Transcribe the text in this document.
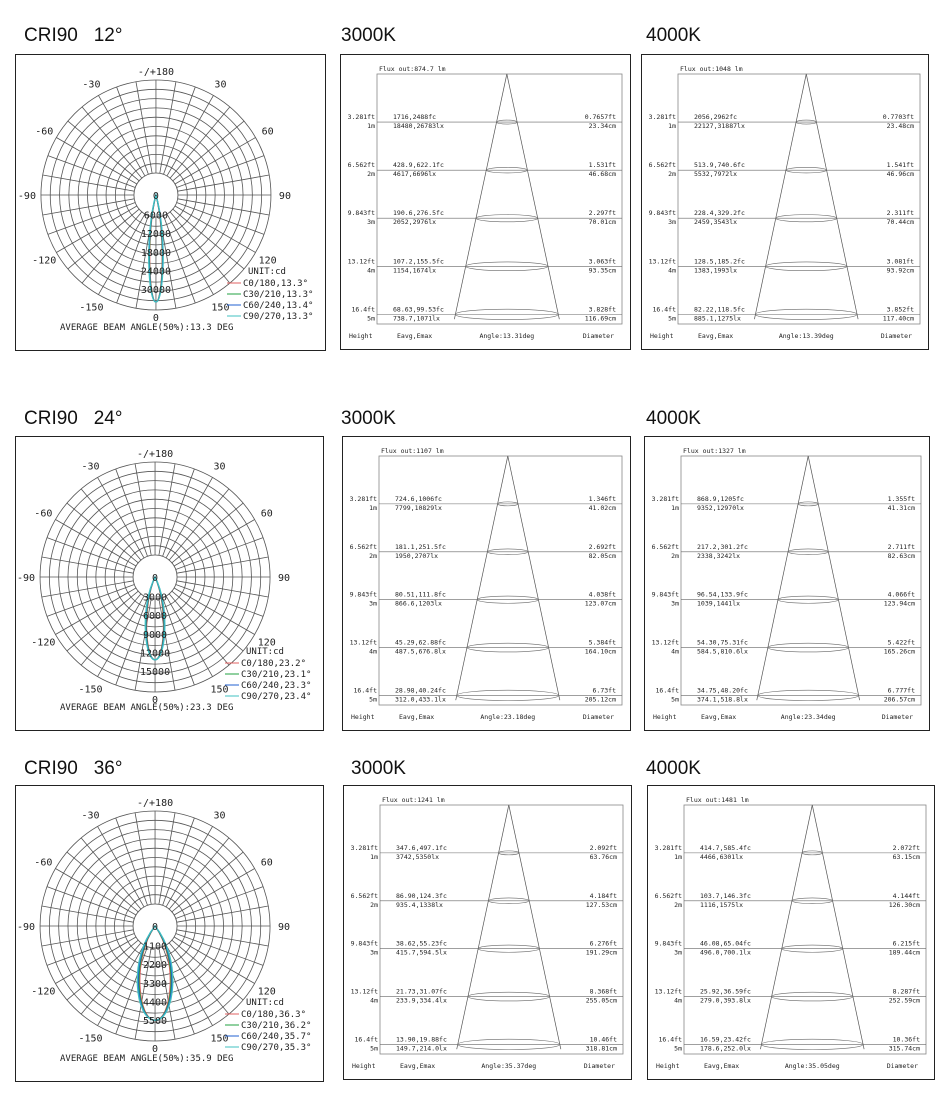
CRI90   12°	3000K	4000K
-/+180
-150	150
-120	120
-90	90
-60	60
-30	30
0
0
6000
12000
18000
24000
30000
UNIT:cd
C0/180,13.3°
C30/210,13.3°
C60/240,13.4°
C90/270,13.3°
AVERAGE BEAM ANGLE(50%):13.3 DEG
Flux out:874.7 lm
3.281ft
1m
1716,2488fc
18480,26783lx
0.7657ft
23.34cm
6.562ft
2m
428.9,622.1fc
4617,6696lx
1.531ft
46.68cm
9.843ft
3m
190.6,276.5fc
2052,2976lx
2.297ft
70.01cm
13.12ft
4m
107.2,155.5fc
1154,1674lx
3.063ft
93.35cm
16.4ft
5m
68.63,99.53fc
738.7,1071lx
3.828ft
116.69cm
Height	Eavg,Emax	Angle:13.31deg	Diameter
Flux out:1048 lm
3.281ft
1m
2056,2962fc
22127,31887lx
0.7703ft
23.48cm
6.562ft
2m
513.9,740.6fc
5532,7972lx
1.541ft
46.96cm
9.843ft
3m
228.4,329.2fc
2459,3543lx
2.311ft
70.44cm
13.12ft
4m
128.5,185.2fc
1383,1993lx
3.081ft
93.92cm
16.4ft
5m
82.22,118.5fc
885.1,1275lx
3.852ft
117.40cm
Height	Eavg,Emax	Angle:13.39deg	Diameter
CRI90   24°	3000K	4000K
-/+180
-150	150
-120	120
-90	90
-60	60
-30	30
0
0
3000
6000
9000
12000
15000
UNIT:cd
C0/180,23.2°
C30/210,23.1°
C60/240,23.3°
C90/270,23.4°
AVERAGE BEAM ANGLE(50%):23.3 DEG
Flux out:1107 lm
3.281ft
1m
724.6,1006fc
7799,10829lx
1.346ft
41.02cm
6.562ft
2m
181.1,251.5fc
1950,2707lx
2.692ft
82.05cm
9.843ft
3m
80.51,111.8fc
866.6,1203lx
4.038ft
123.07cm
13.12ft
4m
45.29,62.88fc
487.5,676.8lx
5.384ft
164.10cm
16.4ft
5m
28.98,40.24fc
312.0,433.1lx
6.73ft
205.12cm
Height	Eavg,Emax	Angle:23.18deg	Diameter
Flux out:1327 lm
3.281ft
1m
868.9,1205fc
9352,12970lx
1.355ft
41.31cm
6.562ft
2m
217.2,301.2fc
2338,3242lx
2.711ft
82.63cm
9.843ft
3m
96.54,133.9fc
1039,1441lx
4.066ft
123.94cm
13.12ft
4m
54.30,75.31fc
584.5,810.6lx
5.422ft
165.26cm
16.4ft
5m
34.75,48.20fc
374.1,518.8lx
6.777ft
206.57cm
Height	Eavg,Emax	Angle:23.34deg	Diameter
CRI90   36°	3000K	4000K
-/+180
-150	150
-120	120
-90	90
-60	60
-30	30
0
0
1100
2200
3300
4400
5500
UNIT:cd
C0/180,36.3°
C30/210,36.2°
C60/240,35.7°
C90/270,35.3°
AVERAGE BEAM ANGLE(50%):35.9 DEG
Flux out:1241 lm
3.281ft
1m
347.6,497.1fc
3742,5350lx
2.092ft
63.76cm
6.562ft
2m
86.90,124.3fc
935.4,1338lx
4.184ft
127.53cm
9.843ft
3m
38.62,55.23fc
415.7,594.5lx
6.276ft
191.29cm
13.12ft
4m
21.73,31.07fc
233.9,334.4lx
8.368ft
255.05cm
16.4ft
5m
13.90,19.88fc
149.7,214.0lx
10.46ft
318.81cm
Height	Eavg,Emax	Angle:35.37deg	Diameter
Flux out:1481 lm
3.281ft
1m
414.7,585.4fc
4466,6301lx
2.072ft
63.15cm
6.562ft
2m
103.7,146.3fc
1116,1575lx
4.144ft
126.30cm
9.843ft
3m
46.08,65.04fc
496.0,700.1lx
6.215ft
189.44cm
13.12ft
4m
25.92,36.59fc
279.0,393.8lx
8.287ft
252.59cm
16.4ft
5m
16.59,23.42fc
178.6,252.0lx
10.36ft
315.74cm
Height	Eavg,Emax	Angle:35.05deg	Diameter
